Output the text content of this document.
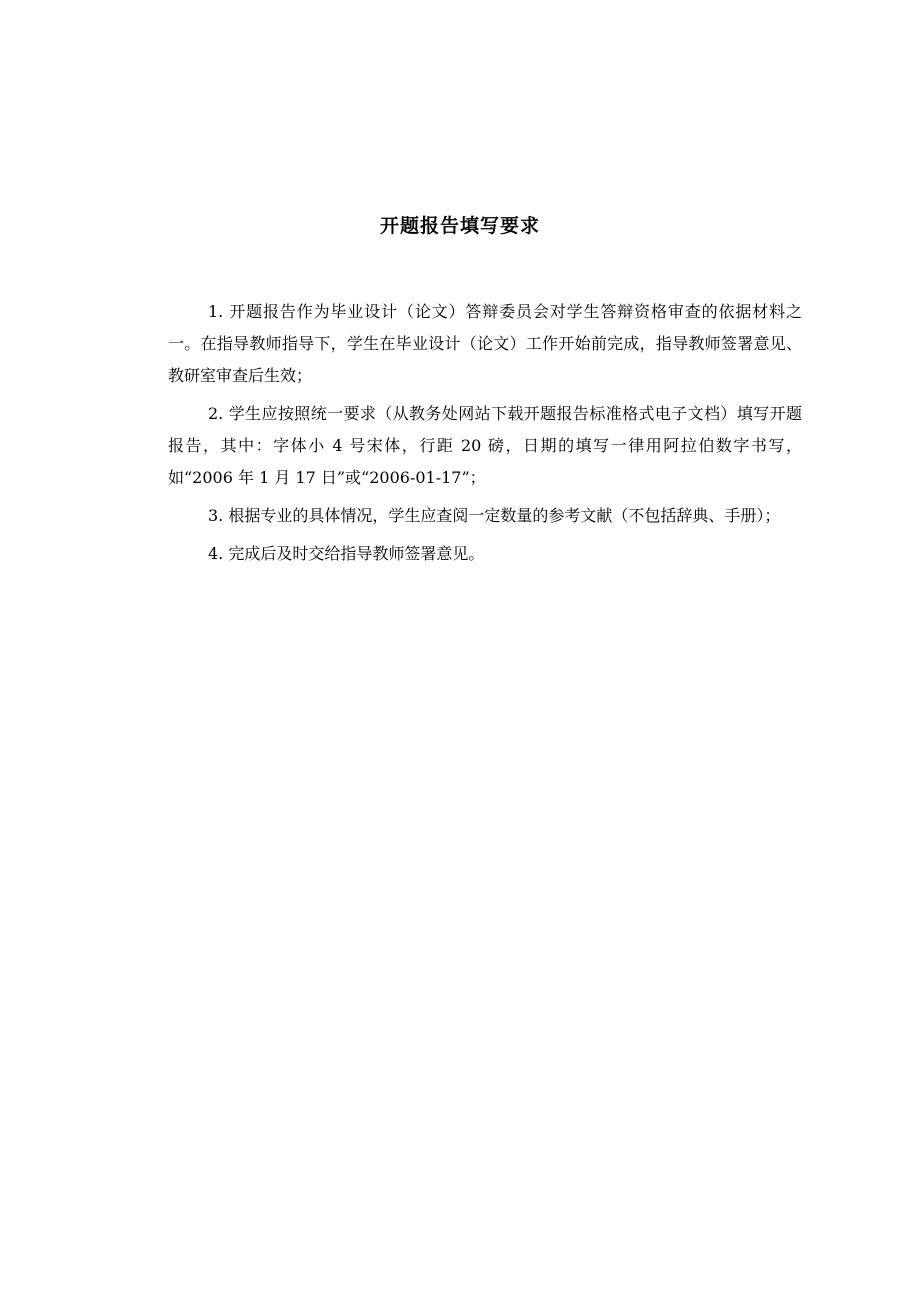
开题报告填写要求

1. 开题报告作为毕业设计（论文）答辩委员会对学生答辩资格审查的依据材料之一。在指导教师指导下，学生在毕业设计（论文）工作开始前完成，指导教师签署意见、教研室审查后生效；

2. 学生应按照统一要求（从教务处网站下载开题报告标准格式电子文档）填写开题报告，其中：字体小 4 号宋体，行距 20 磅，日期的填写一律用阿拉伯数字书写，如“2006 年 1 月 17 日”或“2006-01-17”；

3. 根据专业的具体情况，学生应查阅一定数量的参考文献（不包括辞典、手册）；

4. 完成后及时交给指导教师签署意见。
